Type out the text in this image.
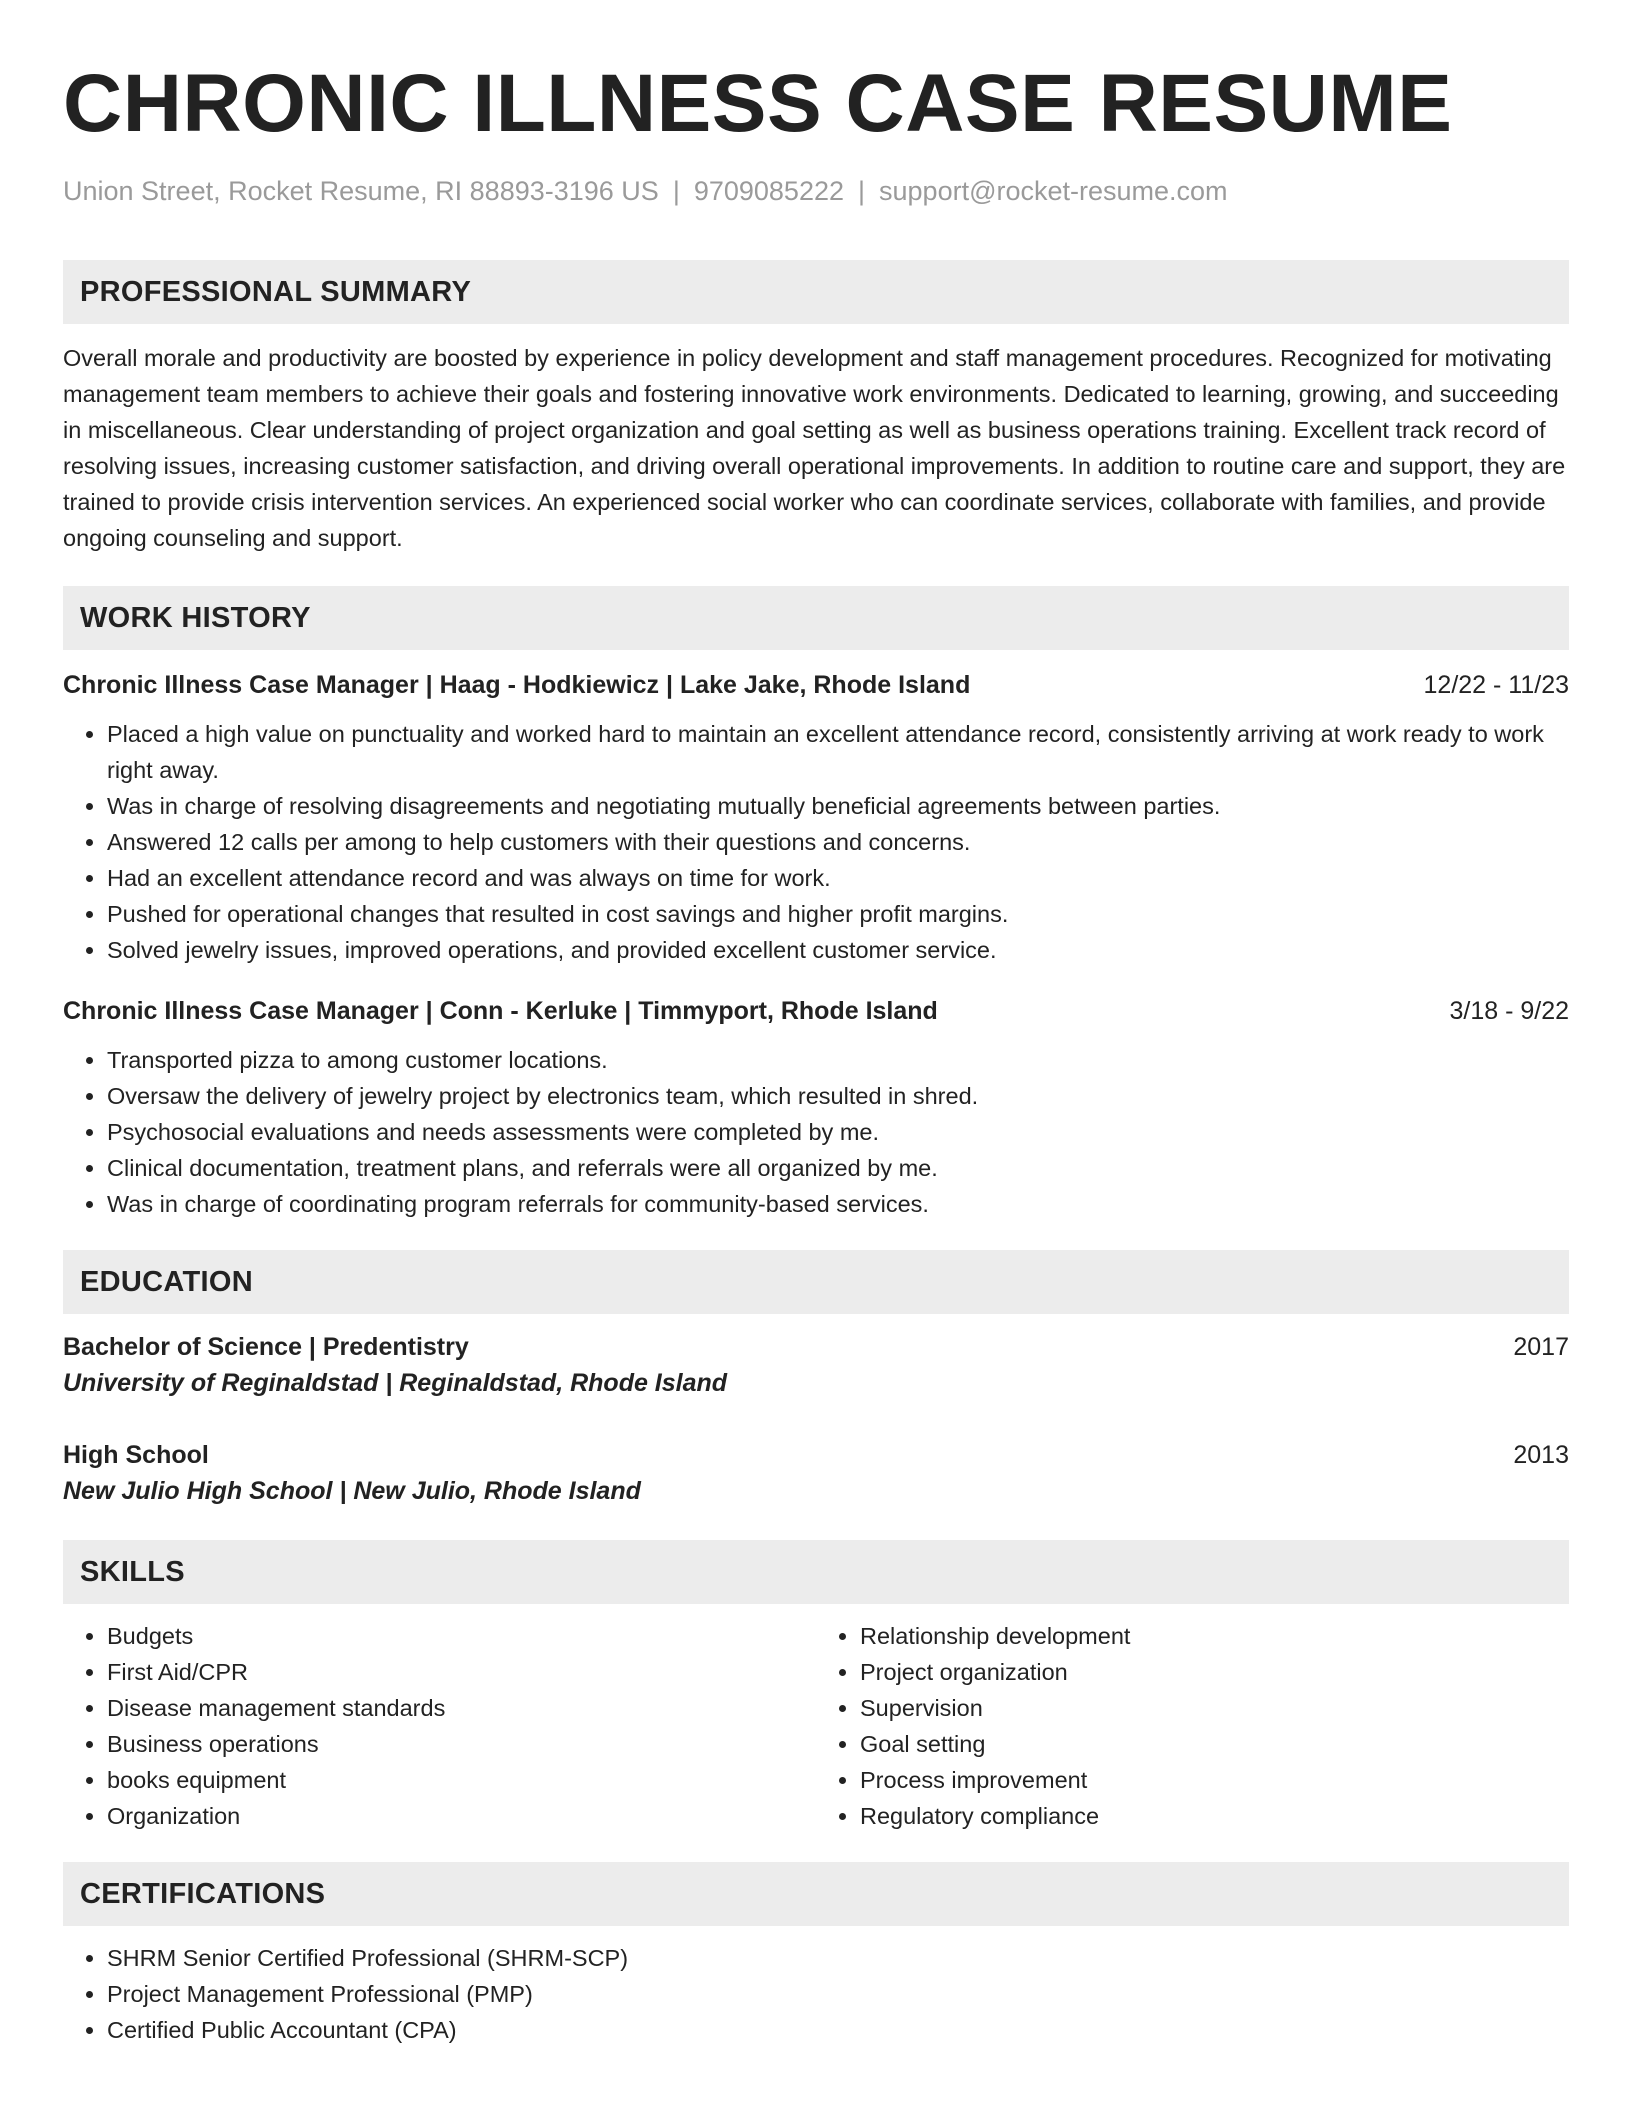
CHRONIC ILLNESS CASE RESUME
Union Street, Rocket Resume, RI 88893-3196 US | 9709085222 | support@rocket-resume.com
PROFESSIONAL SUMMARY
Overall morale and productivity are boosted by experience in policy development and staff management procedures. Recognized for motivating management team members to achieve their goals and fostering innovative work environments. Dedicated to learning, growing, and succeeding in miscellaneous. Clear understanding of project organization and goal setting as well as business operations training. Excellent track record of resolving issues, increasing customer satisfaction, and driving overall operational improvements. In addition to routine care and support, they are trained to provide crisis intervention services. An experienced social worker who can coordinate services, collaborate with families, and provide ongoing counseling and support.
WORK HISTORY
Chronic Illness Case Manager | Haag - Hodkiewicz | Lake Jake, Rhode Island	12/22 - 11/23
• Placed a high value on punctuality and worked hard to maintain an excellent attendance record, consistently arriving at work ready to work right away.
• Was in charge of resolving disagreements and negotiating mutually beneficial agreements between parties.
• Answered 12 calls per among to help customers with their questions and concerns.
• Had an excellent attendance record and was always on time for work.
• Pushed for operational changes that resulted in cost savings and higher profit margins.
• Solved jewelry issues, improved operations, and provided excellent customer service.
Chronic Illness Case Manager | Conn - Kerluke | Timmyport, Rhode Island	3/18 - 9/22
• Transported pizza to among customer locations.
• Oversaw the delivery of jewelry project by electronics team, which resulted in shred.
• Psychosocial evaluations and needs assessments were completed by me.
• Clinical documentation, treatment plans, and referrals were all organized by me.
• Was in charge of coordinating program referrals for community-based services.
EDUCATION
Bachelor of Science | Predentistry	2017
University of Reginaldstad | Reginaldstad, Rhode Island
High School	2013
New Julio High School | New Julio, Rhode Island
SKILLS
• Budgets
• First Aid/CPR
• Disease management standards
• Business operations
• books equipment
• Organization
• Relationship development
• Project organization
• Supervision
• Goal setting
• Process improvement
• Regulatory compliance
CERTIFICATIONS
• SHRM Senior Certified Professional (SHRM-SCP)
• Project Management Professional (PMP)
• Certified Public Accountant (CPA)
